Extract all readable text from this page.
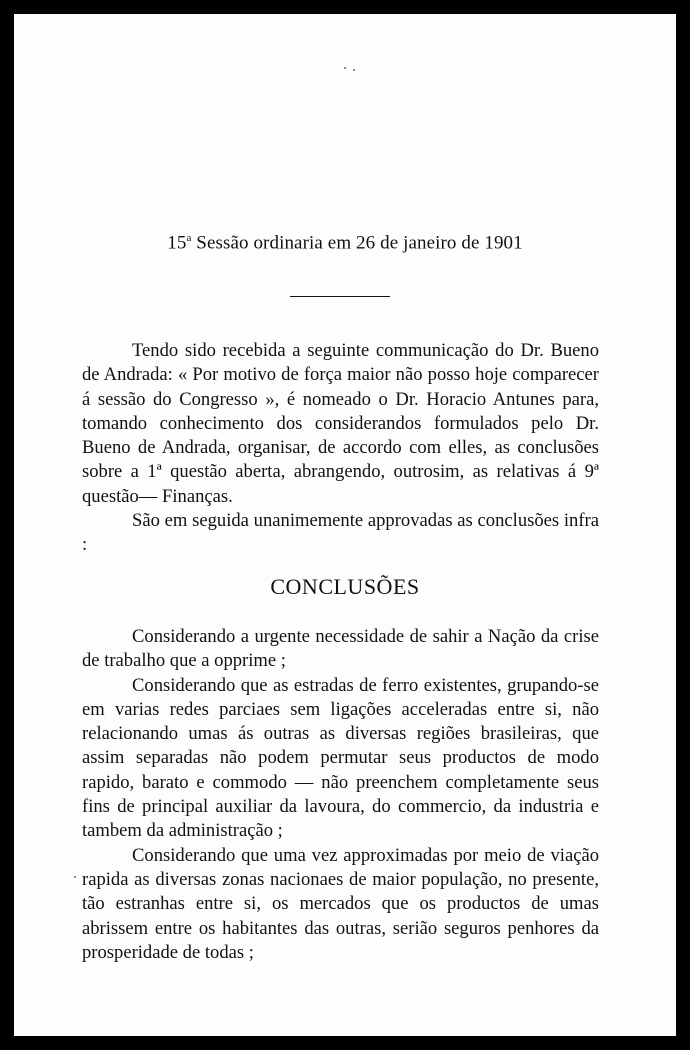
15$^a$ Sessão ordinaria em 26 de janeiro de 1901

Tendo sido recebida a seguinte communicação do Dr. Bueno de Andrada: « Por motivo de força maior não posso hoje comparecer á sessão do Congresso », é nomeado o Dr. Horacio Antunes para, tomando conhecimento dos considerandos formulados pelo Dr. Bueno de Andrada, organisar, de accordo com elles, as conclusões sobre a 1ª questão aberta, abrangendo, outrosim, as relativas á 9ª questão— Finanças.

São em seguida unanimemente approvadas as conclusões infra :

CONCLUSÕES

Considerando a urgente necessidade de sahir a Nação da crise de trabalho que a opprime ;

Considerando que as estradas de ferro existentes, grupando-se em varias redes parciaes sem ligações acceleradas entre si, não relacionando umas ás outras as diversas regiões brasileiras, que assim separadas não podem permutar seus productos de modo rapido, barato e commodo — não preenchem completamente seus fins de principal auxiliar da lavoura, do commercio, da industria e tambem da administração ;

Considerando que uma vez approximadas por meio de viação rapida as diversas zonas nacionaes de maior população, no presente, tão estranhas entre si, os mercados que os productos de umas abrissem entre os habitantes das outras, serião seguros penhores da prosperidade de todas ;
